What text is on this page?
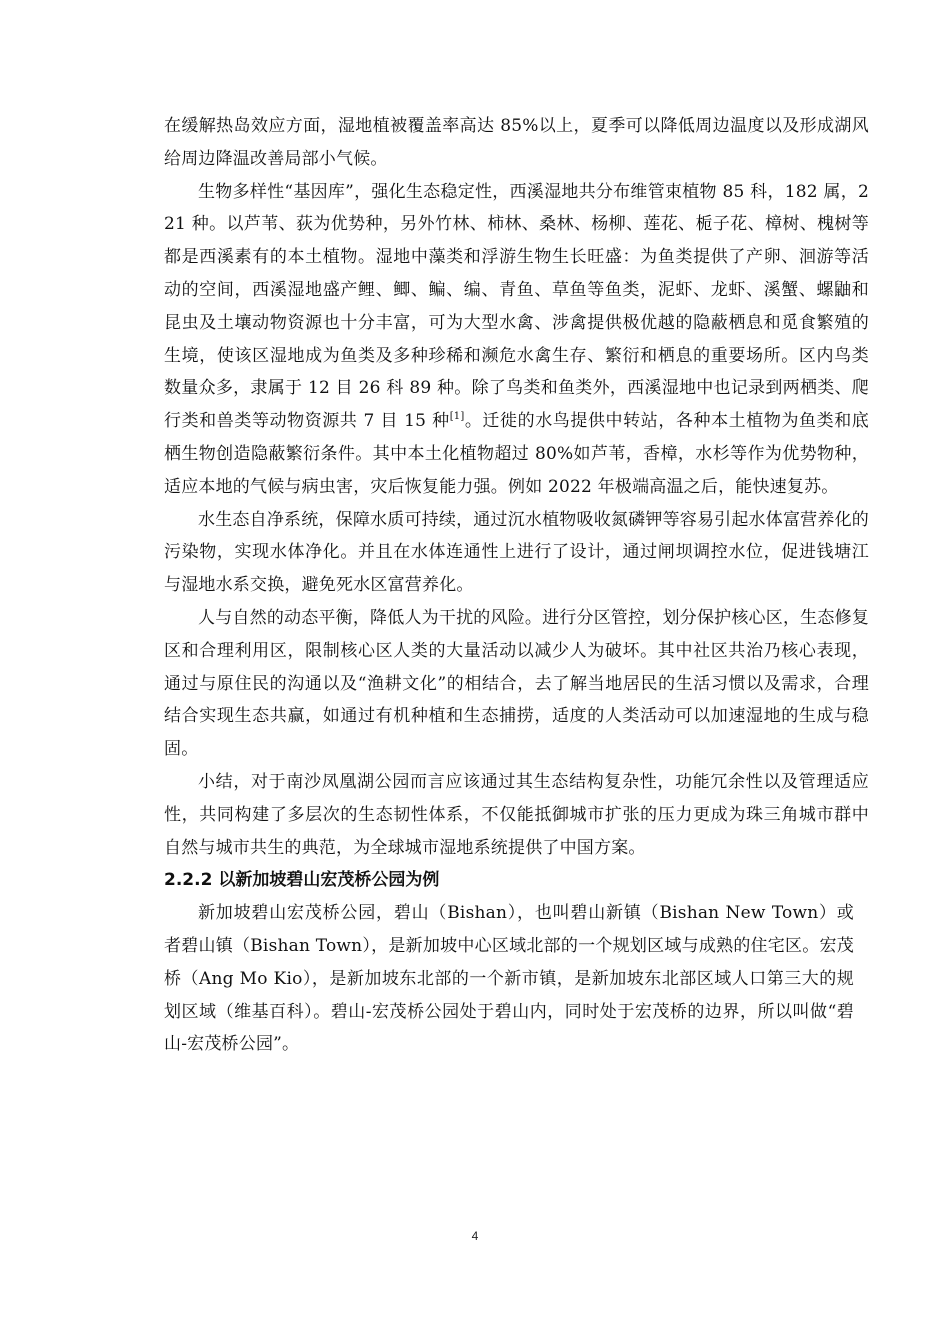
在缓解热岛效应方面，湿地植被覆盖率高达 85%以上，夏季可以降低周边温度以及形成湖风给周边降温改善局部小气候。

生物多样性“基因库”，强化生态稳定性，西溪湿地共分布维管束植物 85 科，182 属，221 种。以芦苇、荻为优势种，另外竹林、柿林、桑林、杨柳、莲花、栀子花、樟树、槐树等都是西溪素有的本土植物。湿地中藻类和浮游生物生长旺盛：为鱼类提供了产卵、洄游等活动的空间，西溪湿地盛产鲤、鲫、鳊、编、青鱼、草鱼等鱼类，泥虾、龙虾、溪蟹、螺鼬和昆虫及土壤动物资源也十分丰富，可为大型水禽、涉禽提供极优越的隐蔽栖息和觅食繁殖的生境，使该区湿地成为鱼类及多种珍稀和濒危水禽生存、繁衍和栖息的重要场所。区内鸟类数量众多，隶属于 12 目 26 科 89 种。除了鸟类和鱼类外，西溪湿地中也记录到两栖类、爬行类和兽类等动物资源共 7 目 15 种[1]。迁徙的水鸟提供中转站，各种本土植物为鱼类和底栖生物创造隐蔽繁衍条件。其中本土化植物超过 80%如芦苇，香樟，水杉等作为优势物种，适应本地的气候与病虫害，灾后恢复能力强。例如 2022 年极端高温之后，能快速复苏。

水生态自净系统，保障水质可持续，通过沉水植物吸收氮磷钾等容易引起水体富营养化的污染物，实现水体净化。并且在水体连通性上进行了设计，通过闸坝调控水位，促进钱塘江与湿地水系交换，避免死水区富营养化。

人与自然的动态平衡，降低人为干扰的风险。进行分区管控，划分保护核心区，生态修复区和合理利用区，限制核心区人类的大量活动以减少人为破坏。其中社区共治乃核心表现，通过与原住民的沟通以及“渔耕文化”的相结合，去了解当地居民的生活习惯以及需求，合理结合实现生态共赢，如通过有机种植和生态捕捞，适度的人类活动可以加速湿地的生成与稳固。

小结，对于南沙凤凰湖公园而言应该通过其生态结构复杂性，功能冗余性以及管理适应性，共同构建了多层次的生态韧性体系，不仅能抵御城市扩张的压力更成为珠三角城市群中自然与城市共生的典范，为全球城市湿地系统提供了中国方案。

2.2.2 以新加坡碧山宏茂桥公园为例

新加坡碧山宏茂桥公园，碧山（Bishan），也叫碧山新镇（Bishan New Town）或者碧山镇（Bishan Town），是新加坡中心区域北部的一个规划区域与成熟的住宅区。宏茂桥（Ang Mo Kio），是新加坡东北部的一个新市镇，是新加坡东北部区域人口第三大的规划区域（维基百科）。碧山-宏茂桥公园处于碧山内，同时处于宏茂桥的边界，所以叫做“碧山-宏茂桥公园”。

4
